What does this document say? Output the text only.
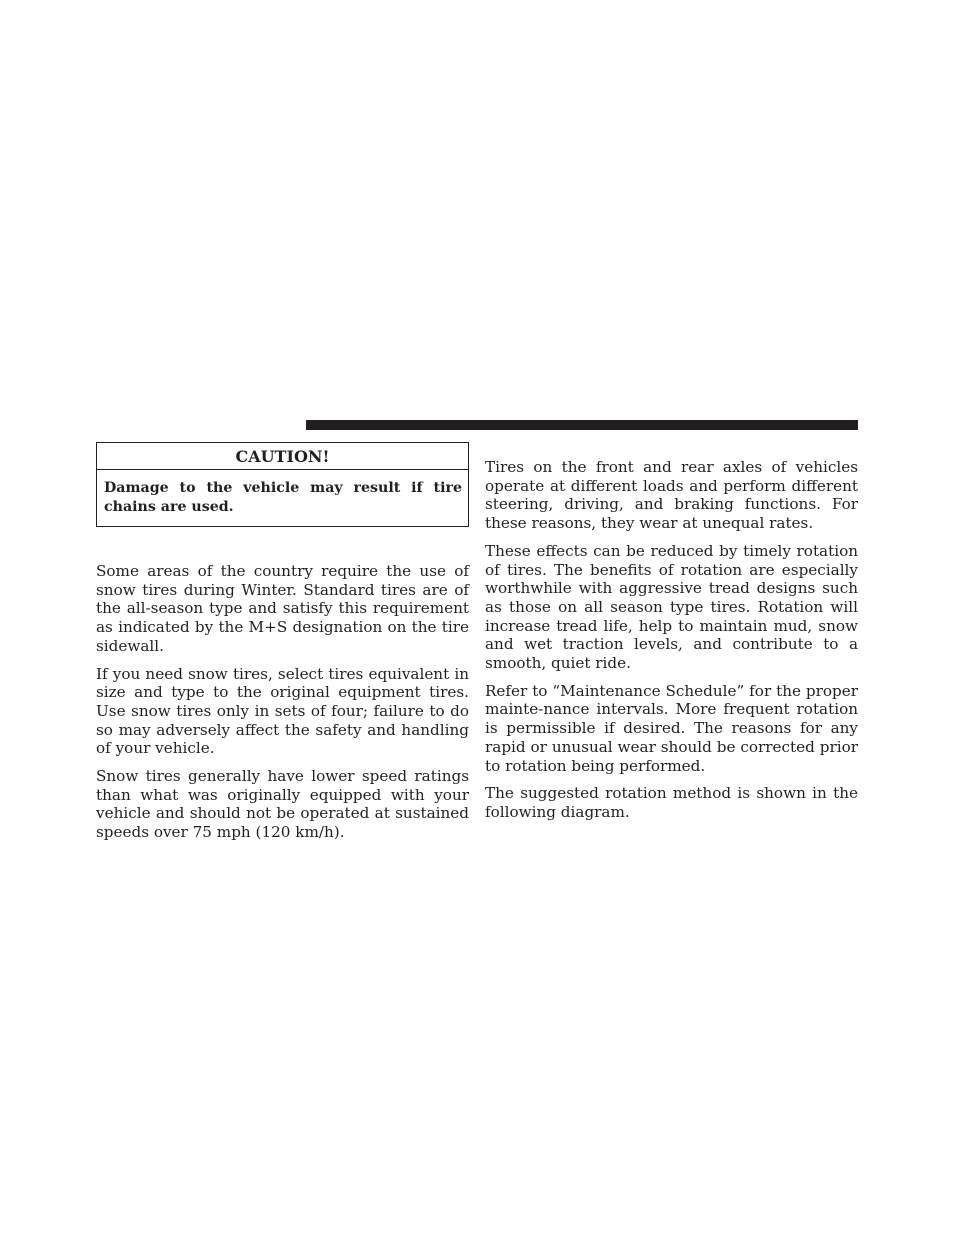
CAUTION!
Damage to the vehicle may result if tire chains are used.

Some areas of the country require the use of snow tires during Winter. Standard tires are of the all-season type and satisfy this requirement as indicated by the M+S designation on the tire sidewall.

If you need snow tires, select tires equivalent in size and type to the original equipment tires. Use snow tires only in sets of four; failure to do so may adversely affect the safety and handling of your vehicle.

Snow tires generally have lower speed ratings than what was originally equipped with your vehicle and should not be operated at sustained speeds over 75 mph (120 km/h).

Tires on the front and rear axles of vehicles operate at different loads and perform different steering, driving, and braking functions. For these reasons, they wear at unequal rates.

These effects can be reduced by timely rotation of tires. The benefits of rotation are especially worthwhile with aggressive tread designs such as those on all season type tires. Rotation will increase tread life, help to maintain mud, snow and wet traction levels, and contribute to a smooth, quiet ride.

Refer to “Maintenance Schedule” for the proper mainte-nance intervals. More frequent rotation is permissible if desired. The reasons for any rapid or unusual wear should be corrected prior to rotation being performed.

The suggested rotation method is shown in the following diagram.
